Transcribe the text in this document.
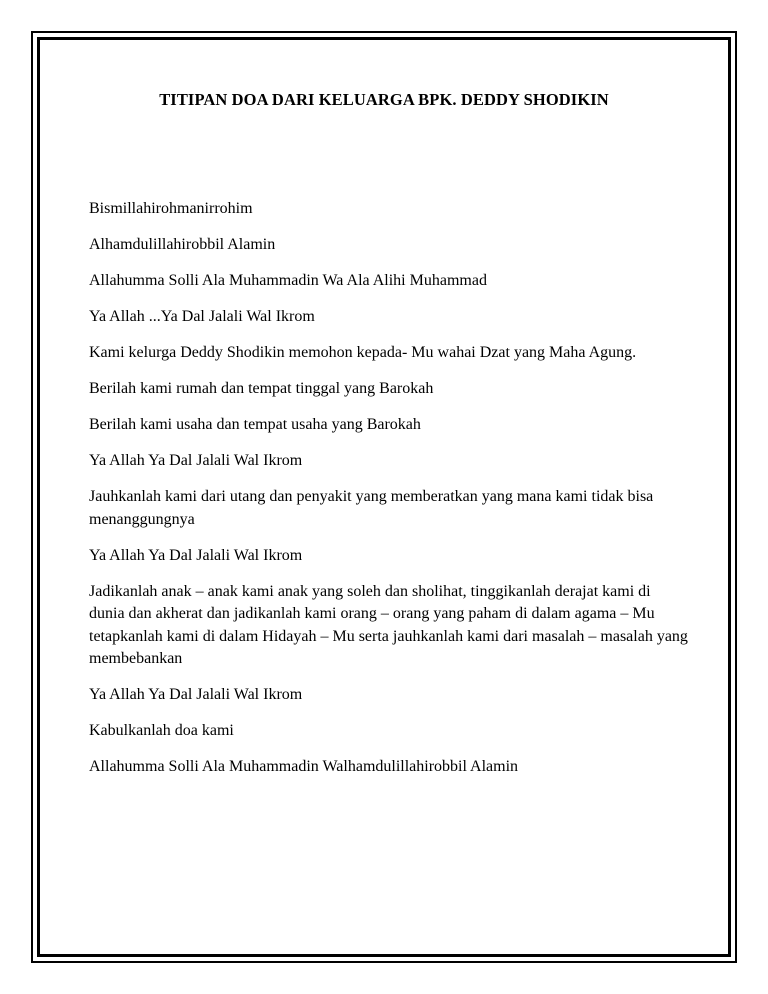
TITIPAN DOA DARI KELUARGA BPK. DEDDY SHODIKIN

Bismillahirohmanirrohim

Alhamdulillahirobbil Alamin

Allahumma Solli Ala Muhammadin Wa Ala Alihi Muhammad

Ya Allah ...Ya Dal Jalali Wal Ikrom

Kami kelurga Deddy Shodikin memohon kepada- Mu wahai Dzat yang Maha Agung.

Berilah kami rumah dan tempat tinggal yang Barokah

Berilah kami usaha dan tempat usaha yang Barokah

Ya Allah Ya Dal Jalali Wal Ikrom

Jauhkanlah kami dari utang dan penyakit yang memberatkan yang mana kami tidak bisa menanggungnya

Ya Allah Ya Dal Jalali Wal Ikrom

Jadikanlah anak – anak kami anak yang soleh dan sholihat, tinggikanlah derajat kami di dunia dan akherat dan jadikanlah kami orang – orang yang paham di dalam agama – Mu tetapkanlah kami di dalam Hidayah – Mu serta jauhkanlah kami dari masalah – masalah yang membebankan

Ya Allah Ya Dal Jalali Wal Ikrom

Kabulkanlah doa kami

Allahumma Solli Ala Muhammadin Walhamdulillahirobbil Alamin
